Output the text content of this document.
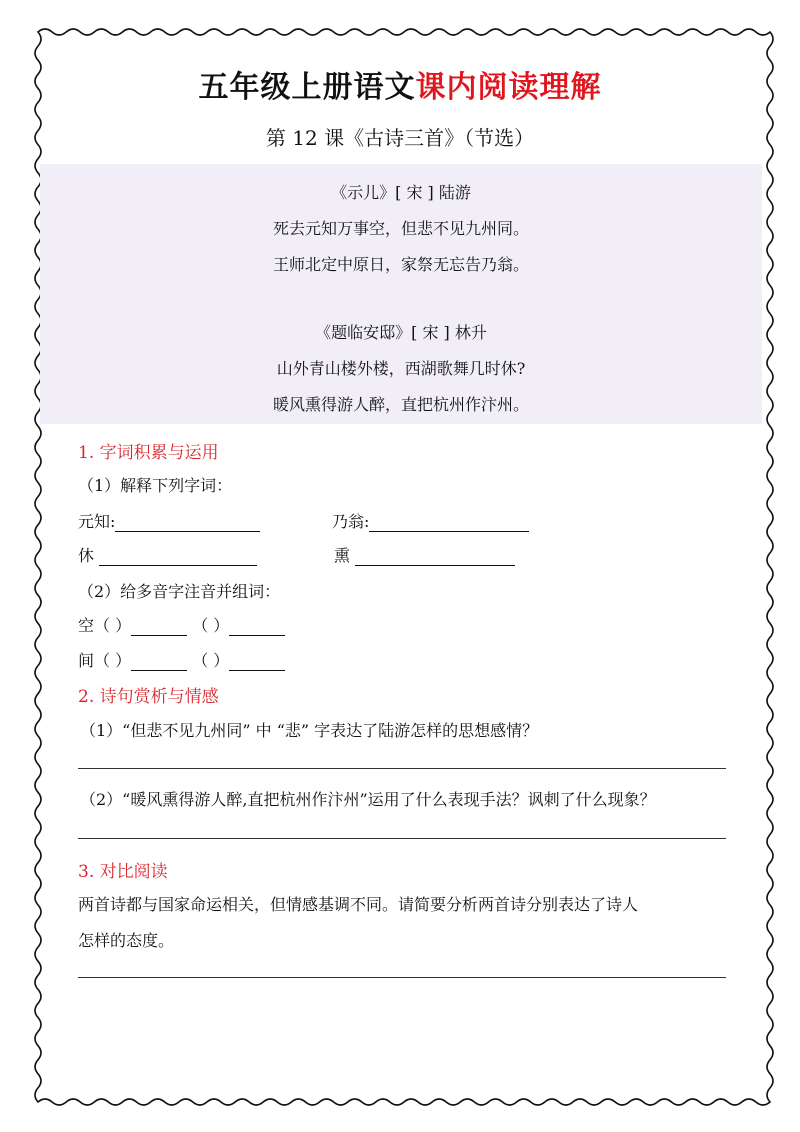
五年级上册语文课内阅读理解
第 12 课《古诗三首》（节选）
《示儿》[ 宋 ] 陆游
死去元知万事空，但悲不见九州同。
王师北定中原日，家祭无忘告乃翁。
《题临安邸》[ 宋 ] 林升
山外青山楼外楼，西湖歌舞几时休?
暖风熏得游人醉，直把杭州作汴州。
1. 字词积累与运用
（1）解释下列字词：
元知:	乃翁:
休	熏
（2）给多音字注音并组词：
空（ ）	（ ）
间（ ）	（ ）
2. 诗句赏析与情感
（1）“但悲不见九州同” 中 “悲” 字表达了陆游怎样的思想感情？
（2）“暖风熏得游人醉,直把杭州作汴州”运用了什么表现手法？讽刺了什么现象？
3. 对比阅读
两首诗都与国家命运相关，但情感基调不同。请简要分析两首诗分别表达了诗人
怎样的态度。
